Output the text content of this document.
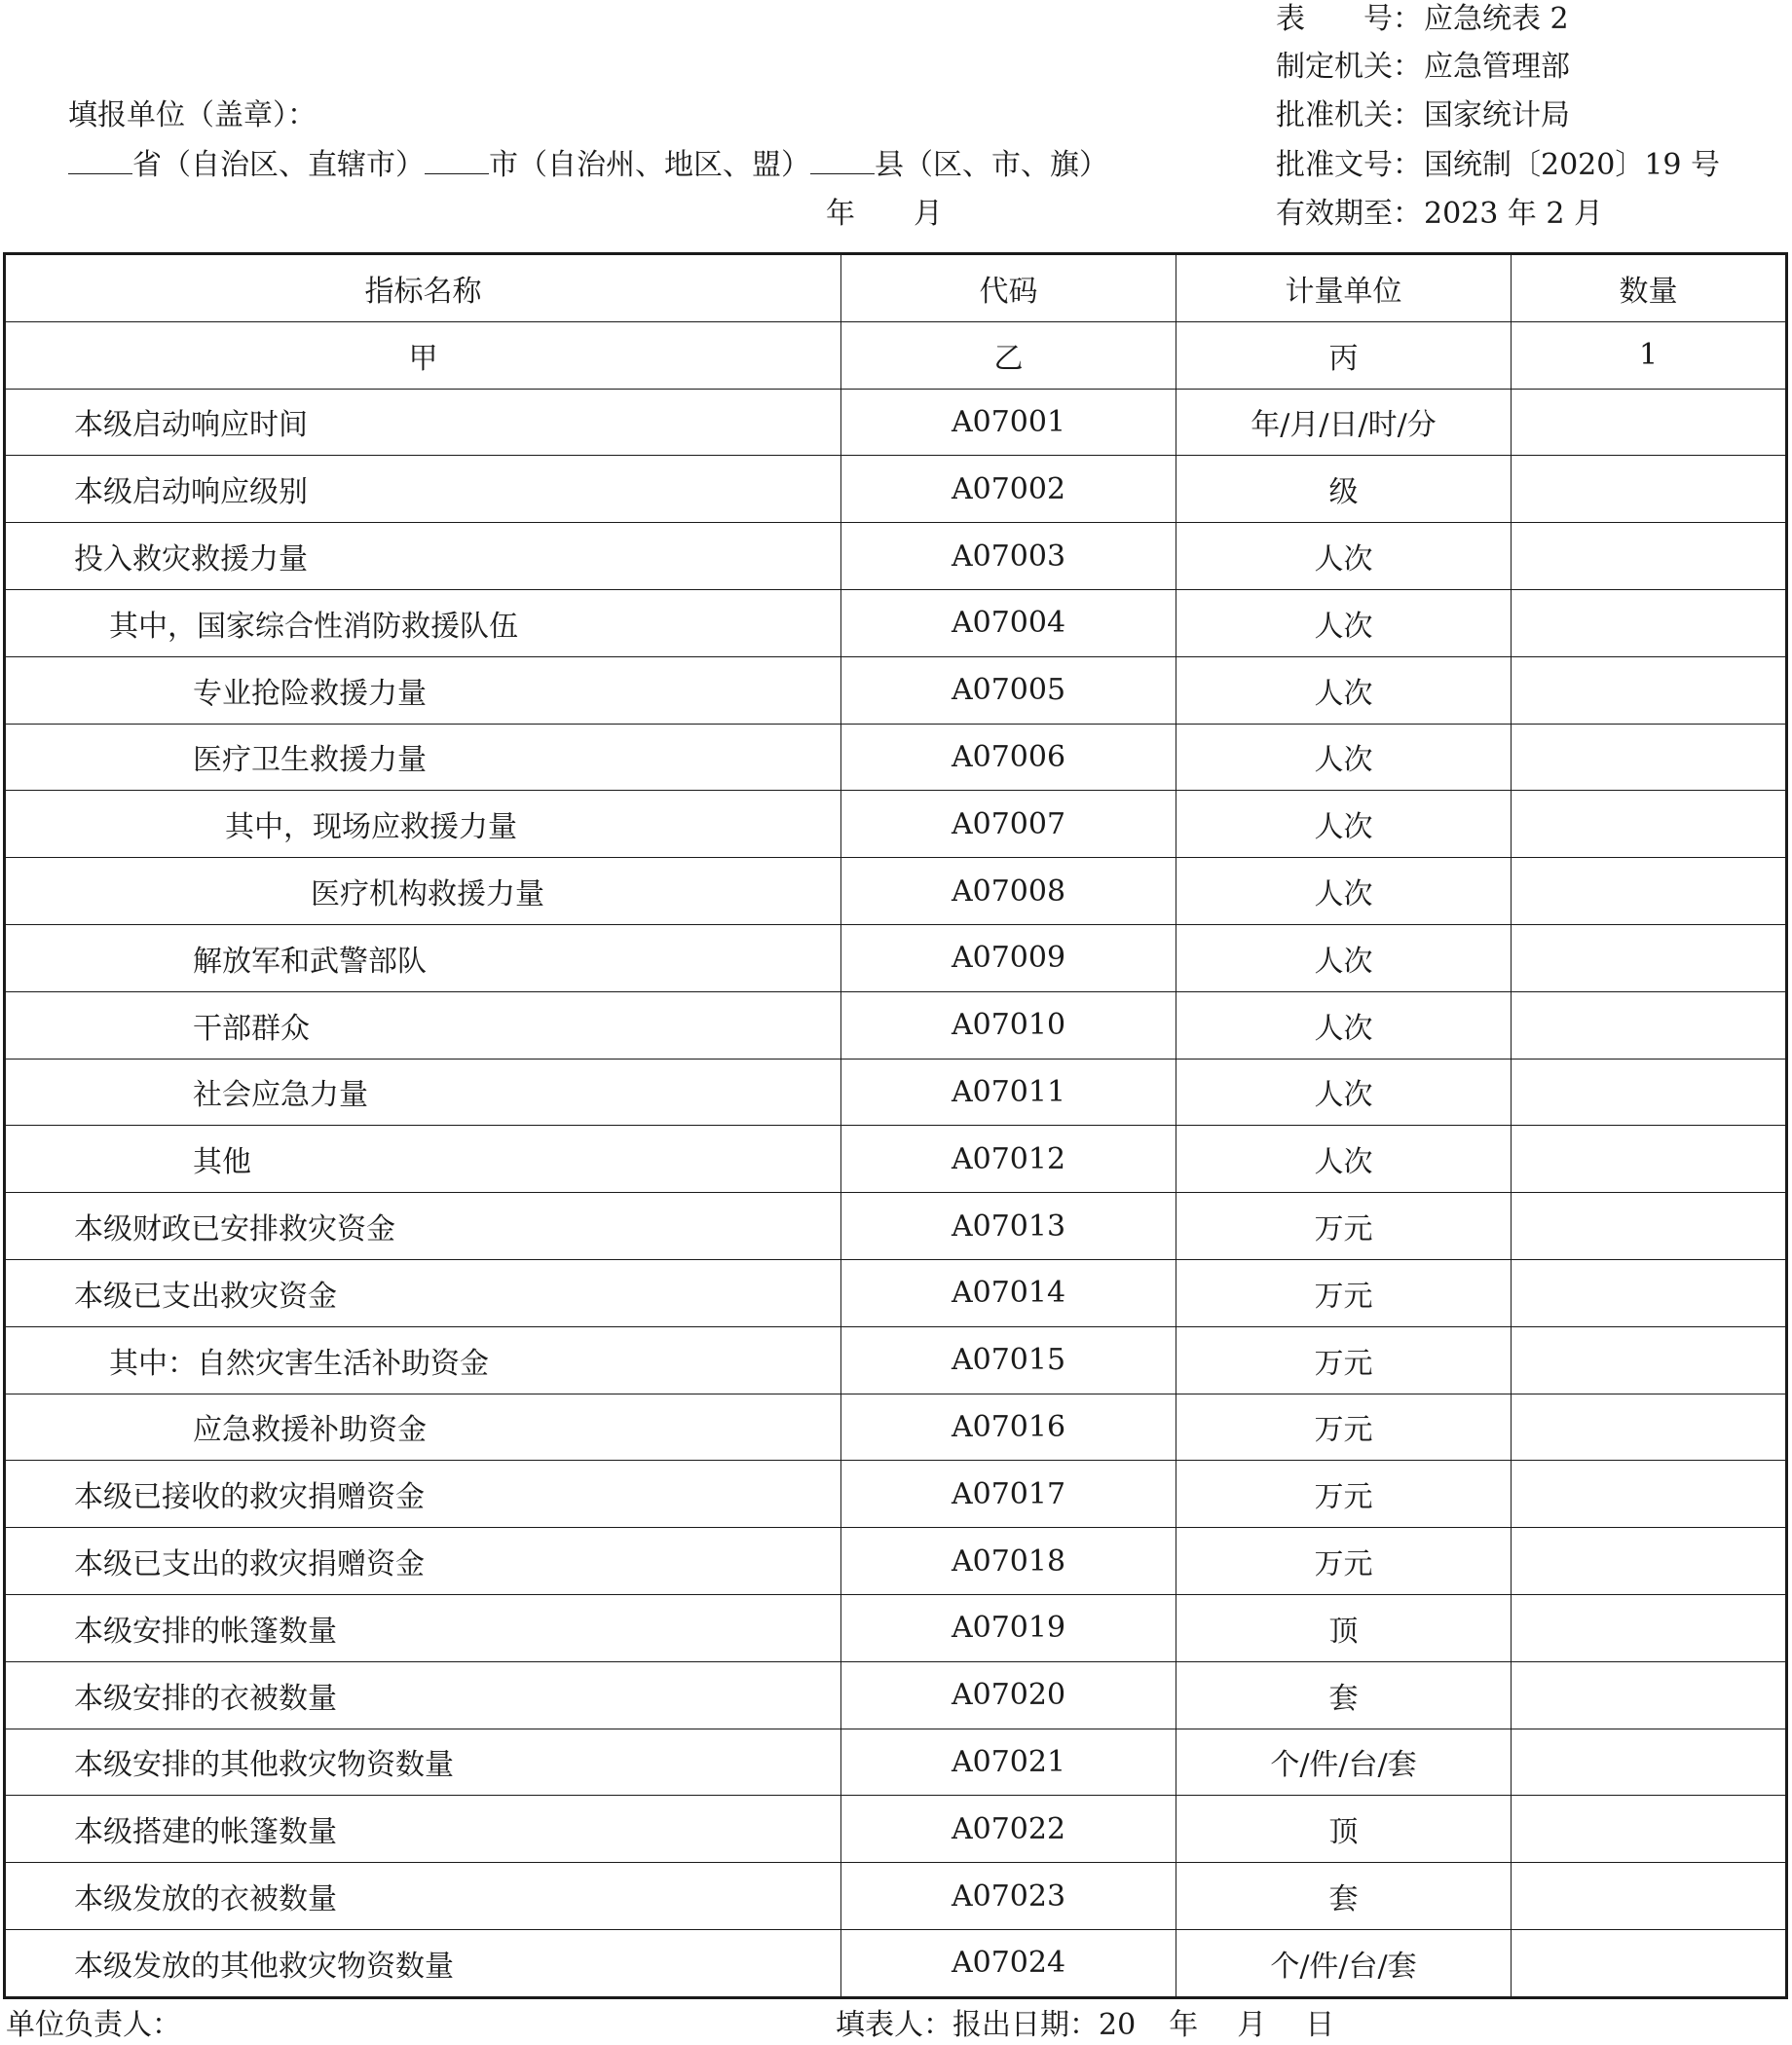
表　　号：应急统表 2
制定机关：应急管理部
批准机关：国家统计局
批准文号：国统制〔2020〕19 号
有效期至：2023 年 2 月
填报单位（盖章）：
省（自治区、直辖市） 市（自治州、地区、盟） 县（区、市、旗）
年 月
指标名称	代码	计量单位	数量
甲	乙	丙	1
本级启动响应时间	A07001	年/月/日/时/分	
本级启动响应级别	A07002	级	
投入救灾救援力量	A07003	人次	
其中，国家综合性消防救援队伍	A07004	人次	
专业抢险救援力量	A07005	人次	
医疗卫生救援力量	A07006	人次	
其中，现场应救援力量	A07007	人次	
医疗机构救援力量	A07008	人次	
解放军和武警部队	A07009	人次	
干部群众	A07010	人次	
社会应急力量	A07011	人次	
其他	A07012	人次	
本级财政已安排救灾资金	A07013	万元	
本级已支出救灾资金	A07014	万元	
其中：自然灾害生活补助资金	A07015	万元	
应急救援补助资金	A07016	万元	
本级已接收的救灾捐赠资金	A07017	万元	
本级已支出的救灾捐赠资金	A07018	万元	
本级安排的帐篷数量	A07019	顶	
本级安排的衣被数量	A07020	套	
本级安排的其他救灾物资数量	A07021	个/件/台/套	
本级搭建的帐篷数量	A07022	顶	
本级发放的衣被数量	A07023	套	
本级发放的其他救灾物资数量	A07024	个/件/台/套	
单位负责人：	填表人：报出日期：20 年 月 日
